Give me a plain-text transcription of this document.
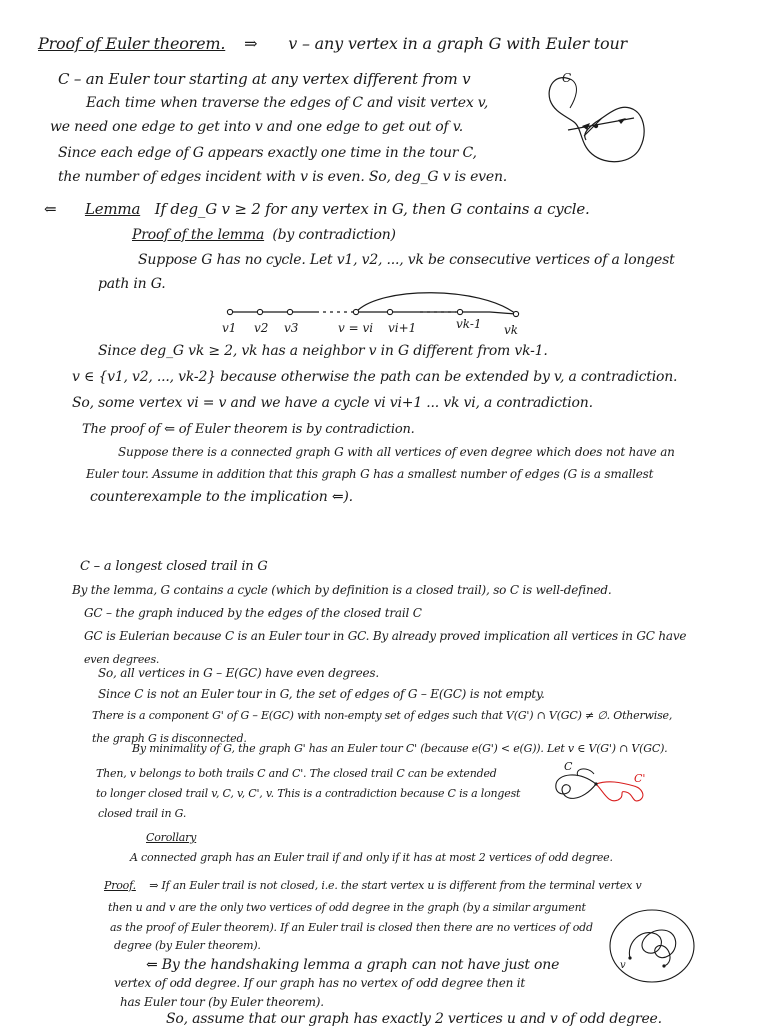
Proof of Euler theorem. ⇒ v – any vertex in a graph G with Euler tour
C – an Euler tour starting at any vertex different from v
Each time when traverse the edges of C and visit vertex v,
we need one edge to get into v and one edge to get out of v.
Since each edge of G appears exactly one time in the tour C,
the number of edges incident with v is even. So, deg_G v is even.
⇐ Lemma If deg_G v ≥ 2 for any vertex in G, then G contains a cycle.
Proof of the lemma (by contradiction)
Suppose G has no cycle. Let v1, v2, ..., vk be consecutive vertices of a longest
path in G.
v1 v2 v3	v = vi vi+1	vk-1 vk
Since deg_G vk ≥ 2, vk has a neighbor v in G different from vk-1.
v ∈ {v1, v2, ..., vk-2} because otherwise the path can be extended by v, a contradiction.
So, some vertex vi = v and we have a cycle vi vi+1 ... vk vi, a contradiction.
The proof of ⇐ of Euler theorem is by contradiction.
Suppose there is a connected graph G with all vertices of even degree which does not have an
Euler tour. Assume in addition that this graph G has a smallest number of edges (G is a smallest
counterexample to the implication ⇐).
C – a longest closed trail in G
By the lemma, G contains a cycle (which by definition is a closed trail), so C is well-defined.
GC – the graph induced by the edges of the closed trail C
GC is Eulerian because C is an Euler tour in GC. By already proved implication all vertices in GC have
even degrees.
So, all vertices in G – E(GC) have even degrees.
Since C is not an Euler tour in G, the set of edges of G – E(GC) is not empty.
There is a component G' of G – E(GC) with non-empty set of edges such that V(G') ∩ V(GC) ≠ ∅. Otherwise,
the graph G is disconnected.
By minimality of G, the graph G' has an Euler tour C' (because e(G') < e(G)). Let v ∈ V(G') ∩ V(GC).
Then, v belongs to both trails C and C'. The closed trail C can be extended
to longer closed trail v, C, v, C', v. This is a contradiction because C is a longest
closed trail in G.
C
C'
Corollary
A connected graph has an Euler trail if and only if it has at most 2 vertices of odd degree.
Proof. ⇒ If an Euler trail is not closed, i.e. the start vertex u is different from the terminal vertex v
then u and v are the only two vertices of odd degree in the graph (by a similar argument
as the proof of Euler theorem). If an Euler trail is closed then there are no vertices of odd
degree (by Euler theorem).
v
⇐ By the handshaking lemma a graph can not have just one
vertex of odd degree. If our graph has no vertex of odd degree then it
has Euler tour (by Euler theorem).
So, assume that our graph has exactly 2 vertices u and v of odd degree.
C
